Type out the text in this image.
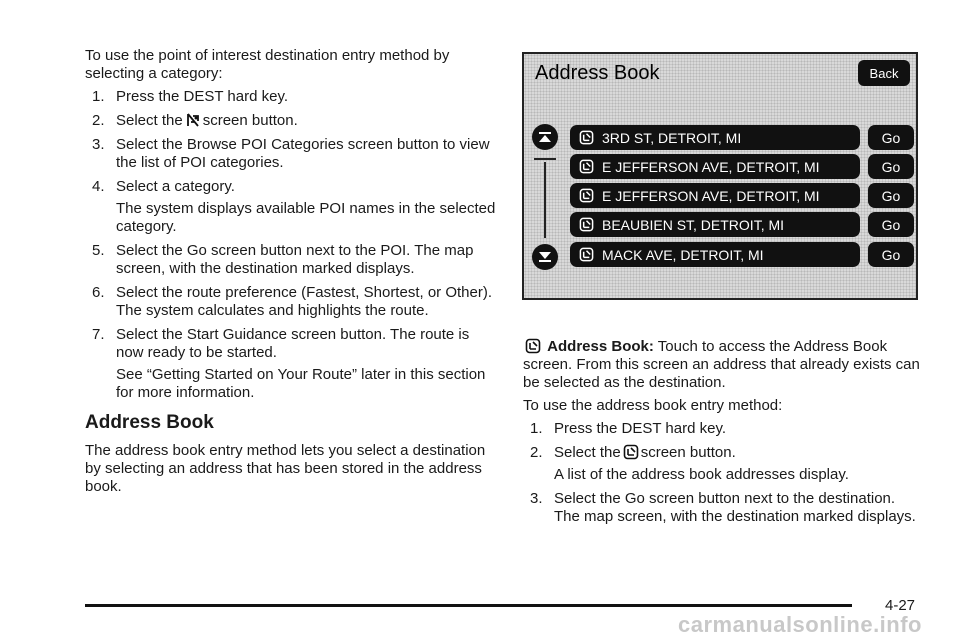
To use the point of interest destination entry method by selecting a category:

1. Press the DEST hard key.
2. Select the screen button.
3. Select the Browse POI Categories screen button to view the list of POI categories.
4. Select a category.

The system displays available POI names in the selected category.

5. Select the Go screen button next to the POI. The map screen, with the destination marked displays.
6. Select the route preference (Fastest, Shortest, or Other). The system calculates and highlights the route.
7. Select the Start Guidance screen button. The route is now ready to be started.

See “Getting Started on Your Route” later in this section for more information.

Address Book

The address book entry method lets you select a destination by selecting an address that has been stored in the address book.

Address Book	Back
3RD ST, DETROIT, MI	Go
E JEFFERSON AVE, DETROIT, MI	Go
E JEFFERSON AVE, DETROIT, MI	Go
BEAUBIEN ST, DETROIT, MI	Go
MACK AVE, DETROIT, MI	Go

Address Book: Touch to access the Address Book screen. From this screen an address that already exists can be selected as the destination.

To use the address book entry method:

1. Press the DEST hard key.
2. Select the screen button.

A list of the address book addresses display.

3. Select the Go screen button next to the destination. The map screen, with the destination marked displays.
4-27
carmanualsonline.info
